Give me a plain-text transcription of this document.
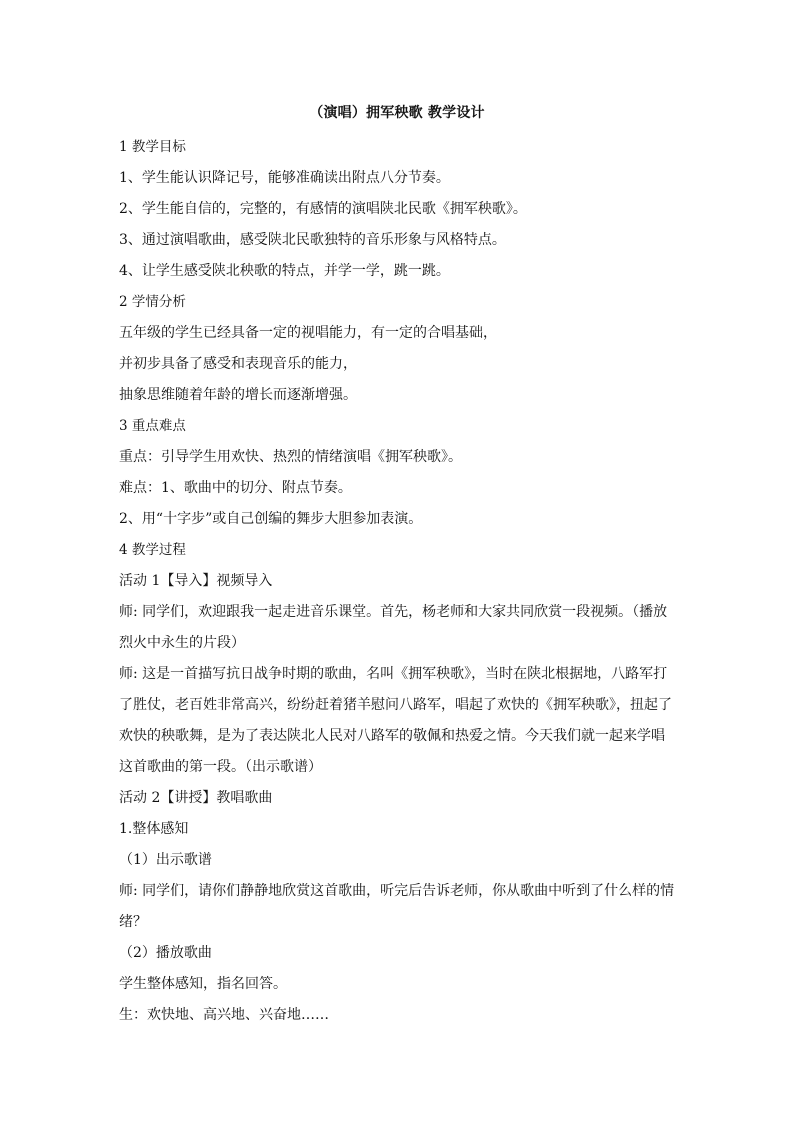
（演唱）拥军秧歌 教学设计

1 教学目标

1、学生能认识降记号，能够准确读出附点八分节奏。

2、学生能自信的，完整的，有感情的演唱陕北民歌《拥军秧歌》。

3、通过演唱歌曲，感受陕北民歌独特的音乐形象与风格特点。

4、让学生感受陕北秧歌的特点，并学一学，跳一跳。

2 学情分析

五年级的学生已经具备一定的视唱能力，有一定的合唱基础，

并初步具备了感受和表现音乐的能力，

抽象思维随着年龄的增长而逐渐增强。

3 重点难点

重点：引导学生用欢快、热烈的情绪演唱《拥军秧歌》。

难点：1、歌曲中的切分、附点节奏。

2、用“十字步”或自己创编的舞步大胆参加表演。

4 教学过程

活动 1【导入】视频导入

师: 同学们，欢迎跟我一起走进音乐课堂。首先，杨老师和大家共同欣赏一段视频。（播放烈火中永生的片段）

师: 这是一首描写抗日战争时期的歌曲，名叫《拥军秧歌》，当时在陕北根据地，八路军打了胜仗，老百姓非常高兴，纷纷赶着猪羊慰问八路军，唱起了欢快的《拥军秧歌》，扭起了欢快的秧歌舞，是为了表达陕北人民对八路军的敬佩和热爱之情。今天我们就一起来学唱这首歌曲的第一段。（出示歌谱）

活动 2【讲授】教唱歌曲

1.整体感知

（1）出示歌谱

师: 同学们，请你们静静地欣赏这首歌曲，听完后告诉老师，你从歌曲中听到了什么样的情绪？

（2）播放歌曲

学生整体感知，指名回答。

生：欢快地、高兴地、兴奋地……
